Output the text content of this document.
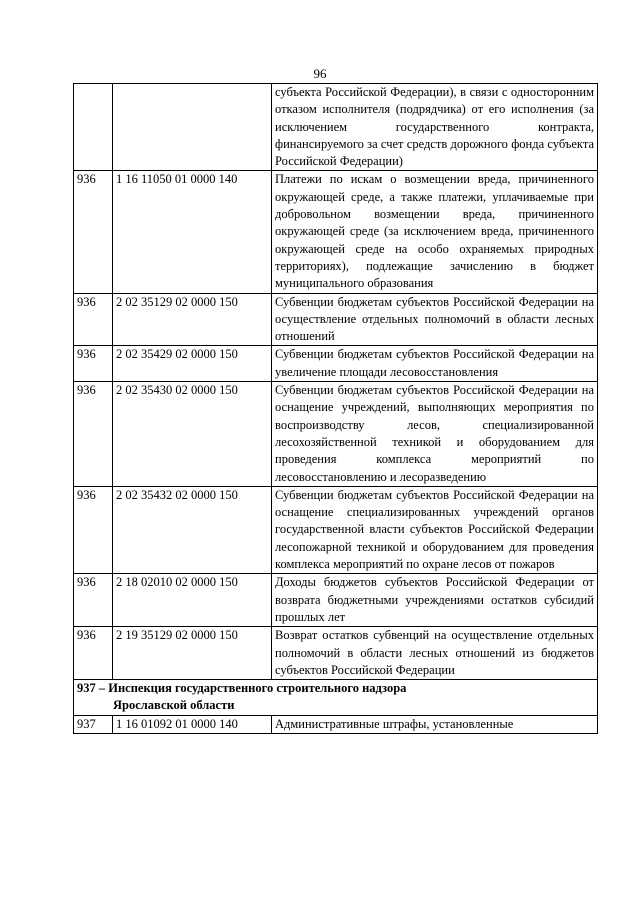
96
		субъекта Российской Федерации), в связи с односторонним отказом исполнителя (подрядчика) от его исполнения (за исключением государственного контракта, финансируемого за счет средств дорожного фонда субъекта Российской Федерации)
936	1 16 11050 01 0000 140	Платежи по искам о возмещении вреда, причиненного окружающей среде, а также платежи, уплачиваемые при добровольном возмещении вреда, причиненного окружающей среде (за исключением вреда, причиненного окружающей среде на особо охраняемых природных территориях), подлежащие зачислению в бюджет муниципального образования
936	2 02 35129 02 0000 150	Субвенции бюджетам субъектов Российской Федерации на осуществление отдельных полномочий в области лесных отношений
936	2 02 35429 02 0000 150	Субвенции бюджетам субъектов Российской Федерации на увеличение площади лесовосстановления
936	2 02 35430 02 0000 150	Субвенции бюджетам субъектов Российской Федерации на оснащение учреждений, выполняющих мероприятия по воспроизводству лесов, специализированной лесохозяйственной техникой и оборудованием для проведения комплекса мероприятий по лесовосстановлению и лесоразведению
936	2 02 35432 02 0000 150	Субвенции бюджетам субъектов Российской Федерации на оснащение специализированных учреждений органов государственной власти субъектов Российской Федерации лесопожарной техникой и оборудованием для проведения комплекса мероприятий по охране лесов от пожаров
936	2 18 02010 02 0000 150	Доходы бюджетов субъектов Российской Федерации от возврата бюджетными учреждениями остатков субсидий прошлых лет
936	2 19 35129 02 0000 150	Возврат остатков субвенций на осуществление отдельных полномочий в области лесных отношений из бюджетов субъектов Российской Федерации
937 – Инспекция государственного строительного надзора
Ярославской области		

937	1 16 01092 01 0000 140	Административные штрафы, установленные
